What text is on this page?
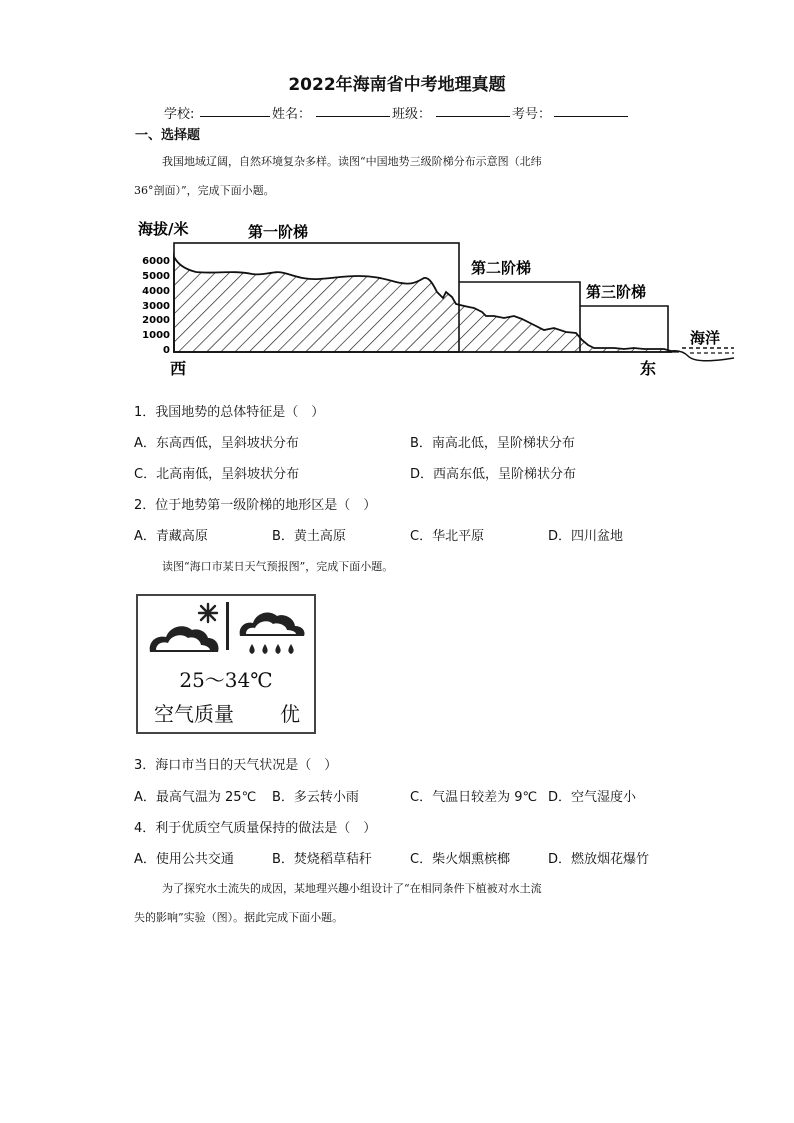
2022年海南省中考地理真题
学校:	姓名：	班级：	考号：
一、选择题
我国地域辽阔，自然环境复杂多样。读图“中国地势三级阶梯分布示意图（北纬
36°剖面）”，完成下面小题。
6000
5000
4000
3000
2000
1000
0
海拔/米	第一阶梯
第二阶梯
第三阶梯
海洋
西	东
1．我国地势的总体特征是（　）
A．东高西低，呈斜坡状分布	B．南高北低，呈阶梯状分布
C．北高南低，呈斜坡状分布	D．西高东低，呈阶梯状分布
2．位于地势第一级阶梯的地形区是（　）
A．青藏高原	B．黄土高原	C．华北平原	D．四川盆地
读图“海口市某日天气预报图”，完成下面小题。
25～34℃
空气质量 优
3．海口市当日的天气状况是（　）
A．最高气温为 25℃ B．多云转小雨	C．气温日较差为 9℃ D．空气湿度小
4．利于优质空气质量保持的做法是（　）
A．使用公共交通	B．焚烧稻草秸秆	C．柴火烟熏槟榔	D．燃放烟花爆竹
为了探究水土流失的成因，某地理兴趣小组设计了“在相同条件下植被对水土流
失的影响”实验（图）。据此完成下面小题。
